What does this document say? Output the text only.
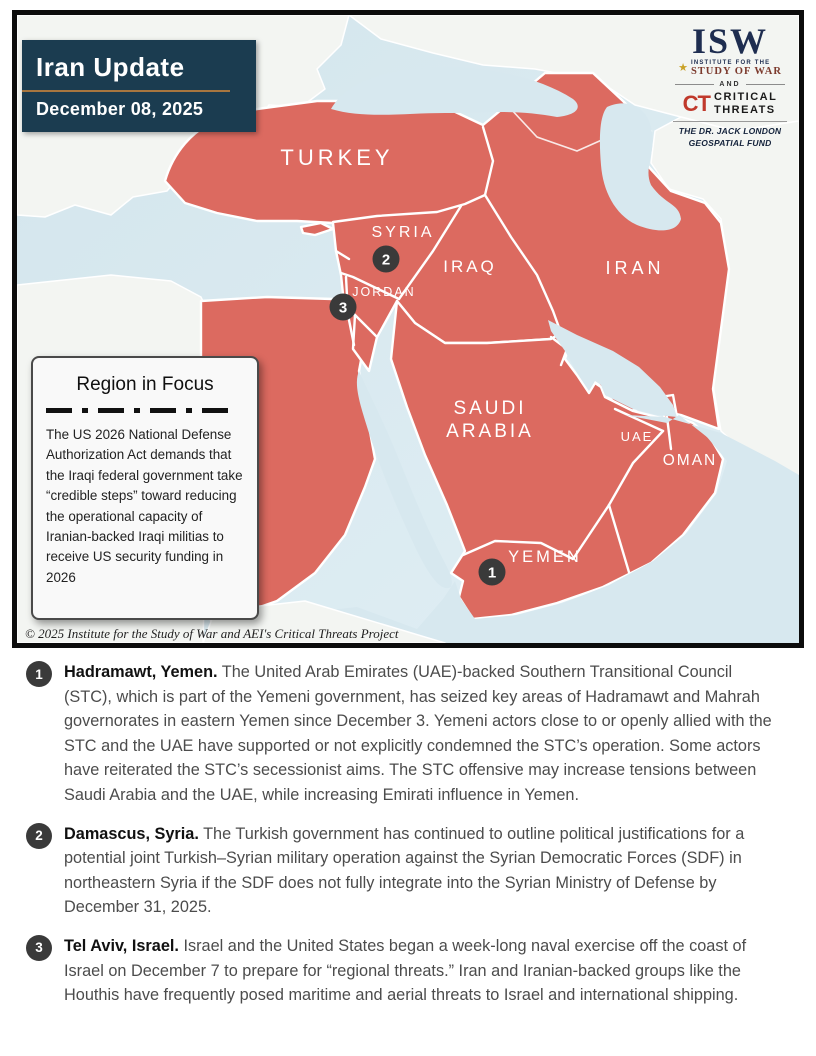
TURKEY
SYRIA
IRAQ	IRAN
JORDAN
SAUDI
ARABIA	UAE
OMAN
YEMEN
2
3
1
Iran Update
December 08, 2025
ISW
★ INSTITUTE FOR THE
STUDY OF WAR
AND
CT CRITICAL
THREATS
THE DR. JACK LONDON
GEOSPATIAL FUND
Region in Focus
The US 2026 National Defense Authorization Act demands that the Iraqi federal government take “credible steps” toward reducing the operational capacity of Iranian-backed Iraqi militias to receive US security funding in 2026
© 2025 Institute for the Study of War and AEI's Critical Threats Project
1	Hadramawt, Yemen. The United Arab Emirates (UAE)-backed Southern Transitional Council (STC), which is part of the Yemeni government, has seized key areas of Hadramawt and Mahrah governorates in eastern Yemen since December 3. Yemeni actors close to or openly allied with the STC and the UAE have supported or not explicitly condemned the STC’s operation. Some actors have reiterated the STC’s secessionist aims. The STC offensive may increase tensions between Saudi Arabia and the UAE, while increasing Emirati influence in Yemen.
2	Damascus, Syria. The Turkish government has continued to outline political justifications for a potential joint Turkish–Syrian military operation against the Syrian Democratic Forces (SDF) in northeastern Syria if the SDF does not fully integrate into the Syrian Ministry of Defense by December 31, 2025.
3	Tel Aviv, Israel. Israel and the United States began a week-long naval exercise off the coast of Israel on December 7 to prepare for “regional threats.” Iran and Iranian-backed groups like the Houthis have frequently posed maritime and aerial threats to Israel and international shipping.
